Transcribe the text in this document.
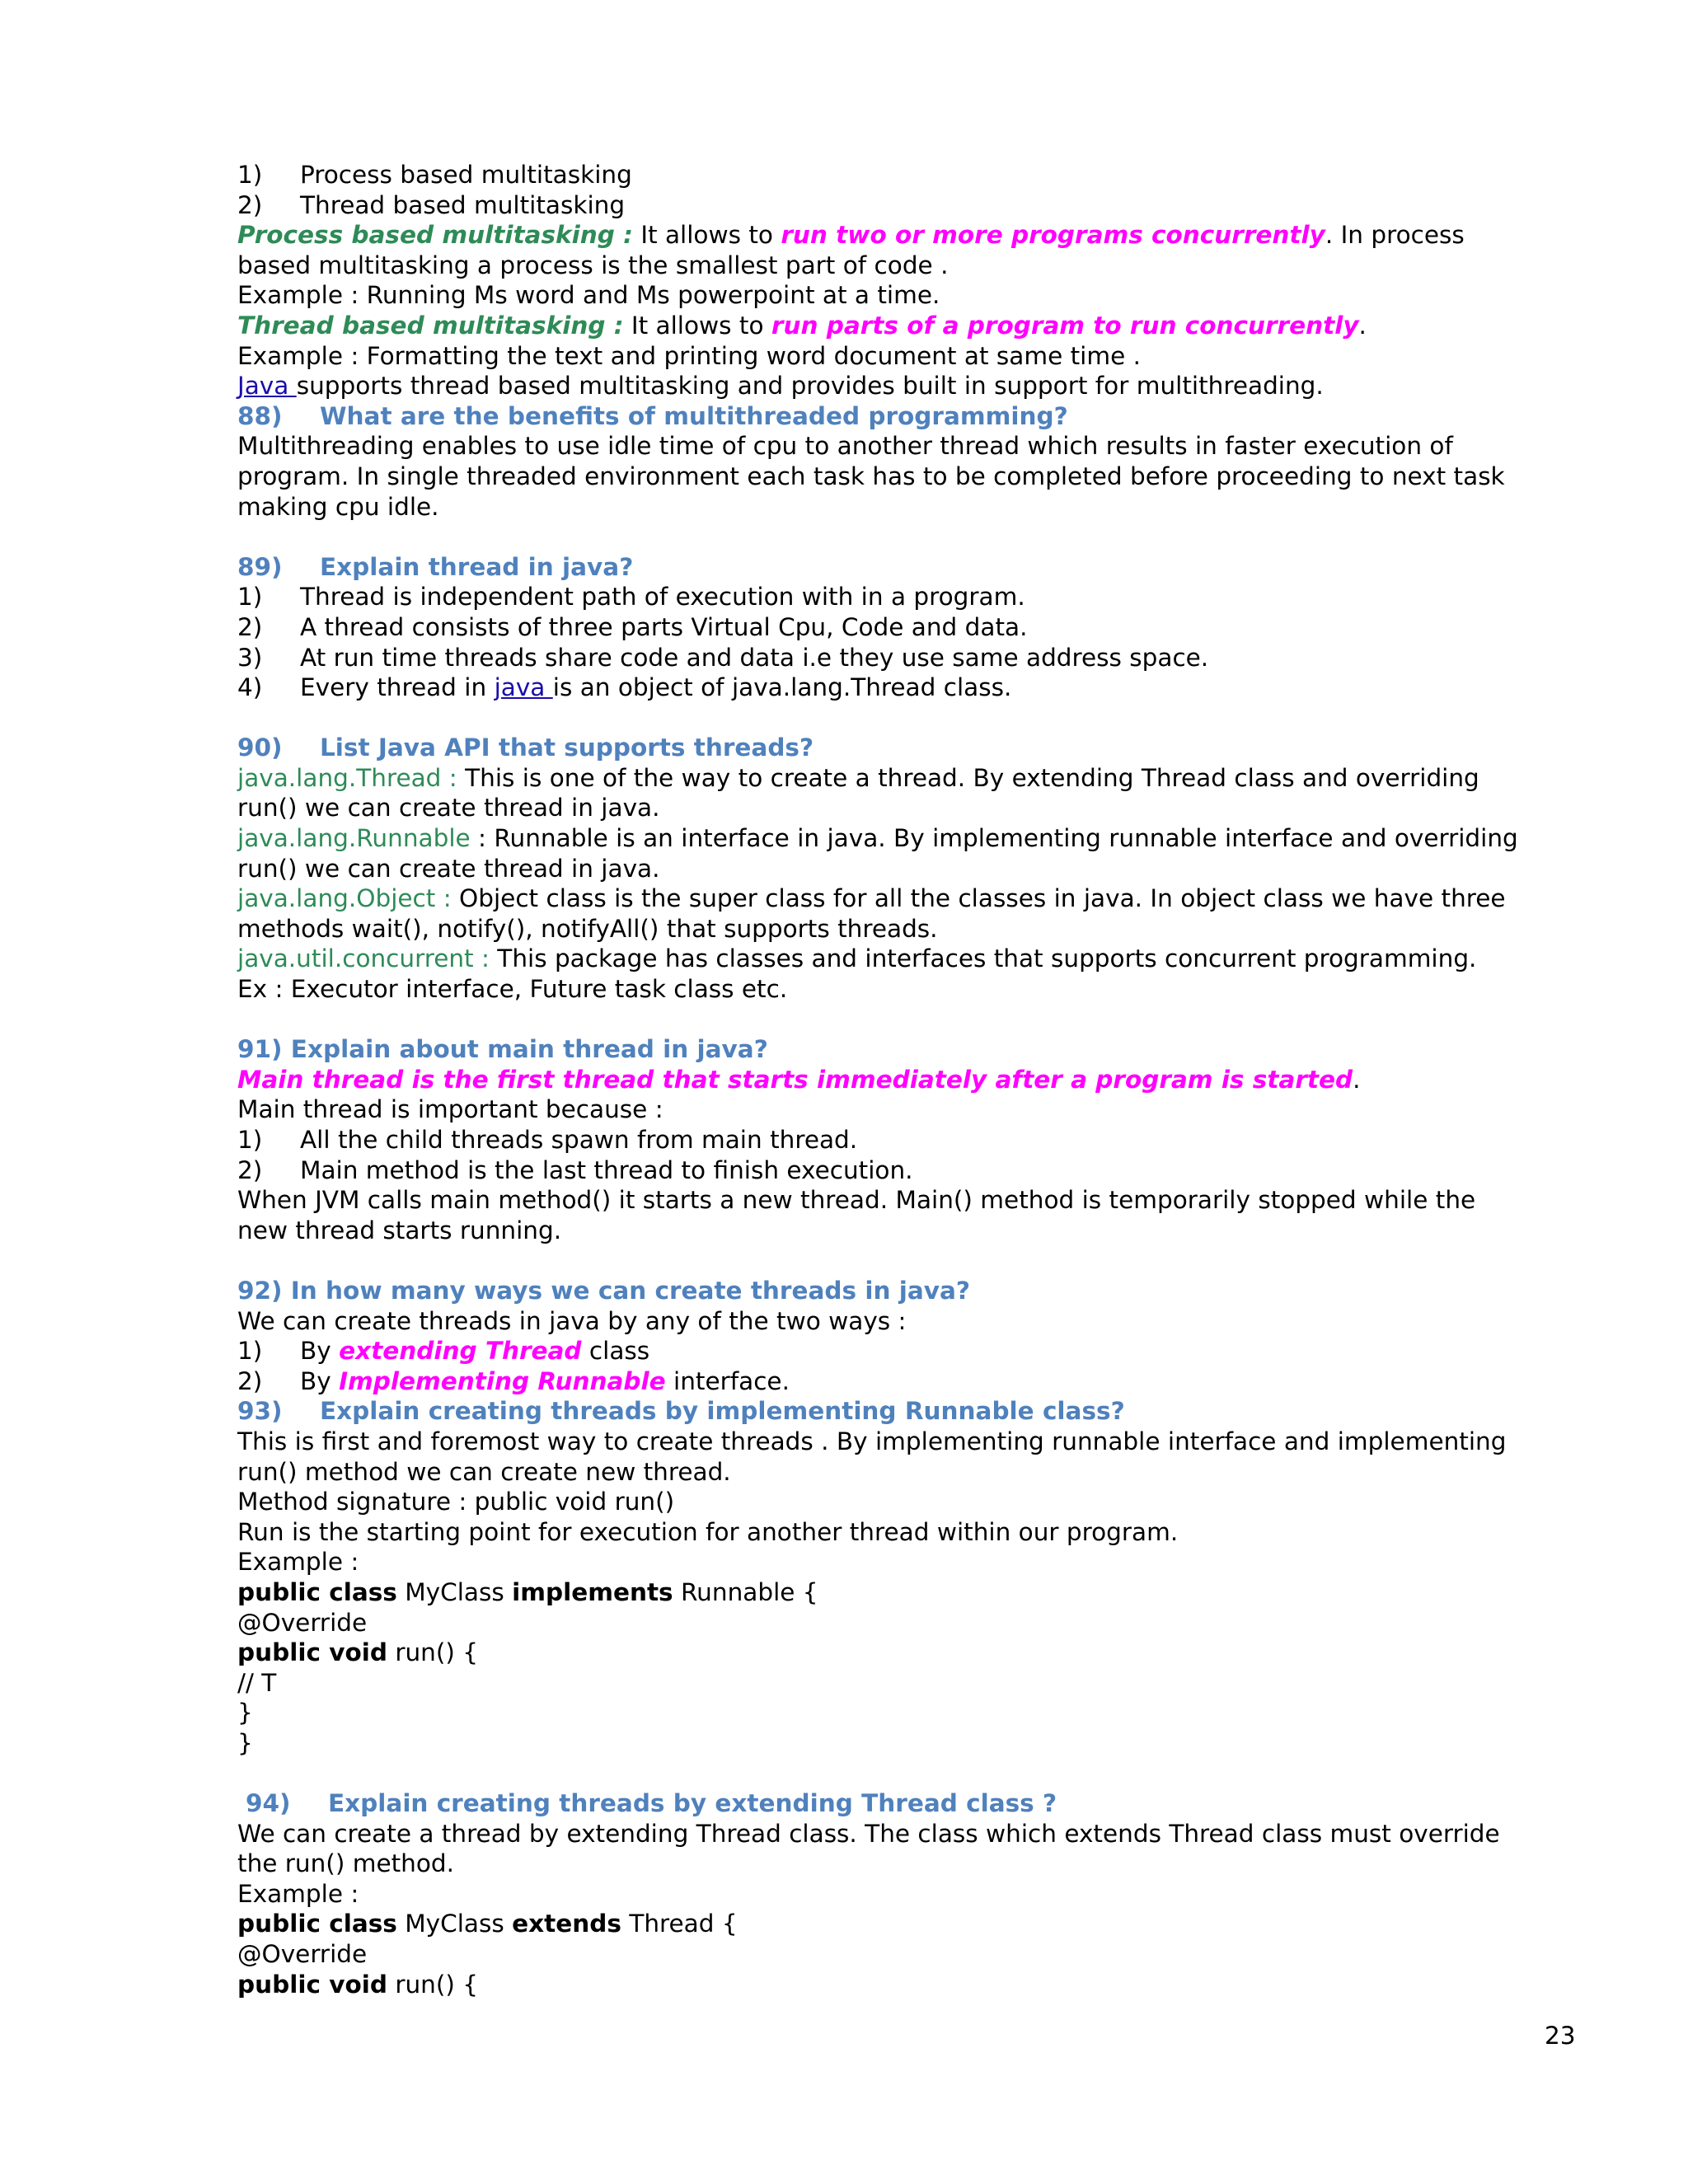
1) Process based multitasking
2) Thread based multitasking
Process based multitasking : It allows to run two or more programs concurrently. In process
based multitasking a process is the smallest part of code .
Example : Running Ms word and Ms powerpoint at a time.
Thread based multitasking : It allows to run parts of a program to run concurrently.
Example : Formatting the text and printing word document at same time .
Java supports thread based multitasking and provides built in support for multithreading.
88) What are the benefits of multithreaded programming?
Multithreading enables to use idle time of cpu to another thread which results in faster execution of
program. In single threaded environment each task has to be completed before proceeding to next task
making cpu idle.
89) Explain thread in java?
1) Thread is independent path of execution with in a program.
2) A thread consists of three parts Virtual Cpu, Code and data.
3) At run time threads share code and data i.e they use same address space.
4) Every thread in java is an object of java.lang.Thread class.
90) List Java API that supports threads?
java.lang.Thread : This is one of the way to create a thread. By extending Thread class and overriding
run() we can create thread in java.
java.lang.Runnable : Runnable is an interface in java. By implementing runnable interface and overriding
run() we can create thread in java.
java.lang.Object : Object class is the super class for all the classes in java. In object class we have three
methods wait(), notify(), notifyAll() that supports threads.
java.util.concurrent : This package has classes and interfaces that supports concurrent programming.
Ex : Executor interface, Future task class etc.
91) Explain about main thread in java?
Main thread is the first thread that starts immediately after a program is started.
Main thread is important because :
1) All the child threads spawn from main thread.
2) Main method is the last thread to finish execution.
When JVM calls main method() it starts a new thread. Main() method is temporarily stopped while the
new thread starts running.
92) In how many ways we can create threads in java?
We can create threads in java by any of the two ways :
1) By extending Thread class
2) By Implementing Runnable interface.
93) Explain creating threads by implementing Runnable class?
This is first and foremost way to create threads . By implementing runnable interface and implementing
run() method we can create new thread.
Method signature : public void run()
Run is the starting point for execution for another thread within our program.
Example :
public class MyClass implements Runnable {
@Override
public void run() {
// T
}
}
94) Explain creating threads by extending Thread class ?
We can create a thread by extending Thread class. The class which extends Thread class must override
the run() method.
Example :
public class MyClass extends Thread {
@Override
public void run() {
23
